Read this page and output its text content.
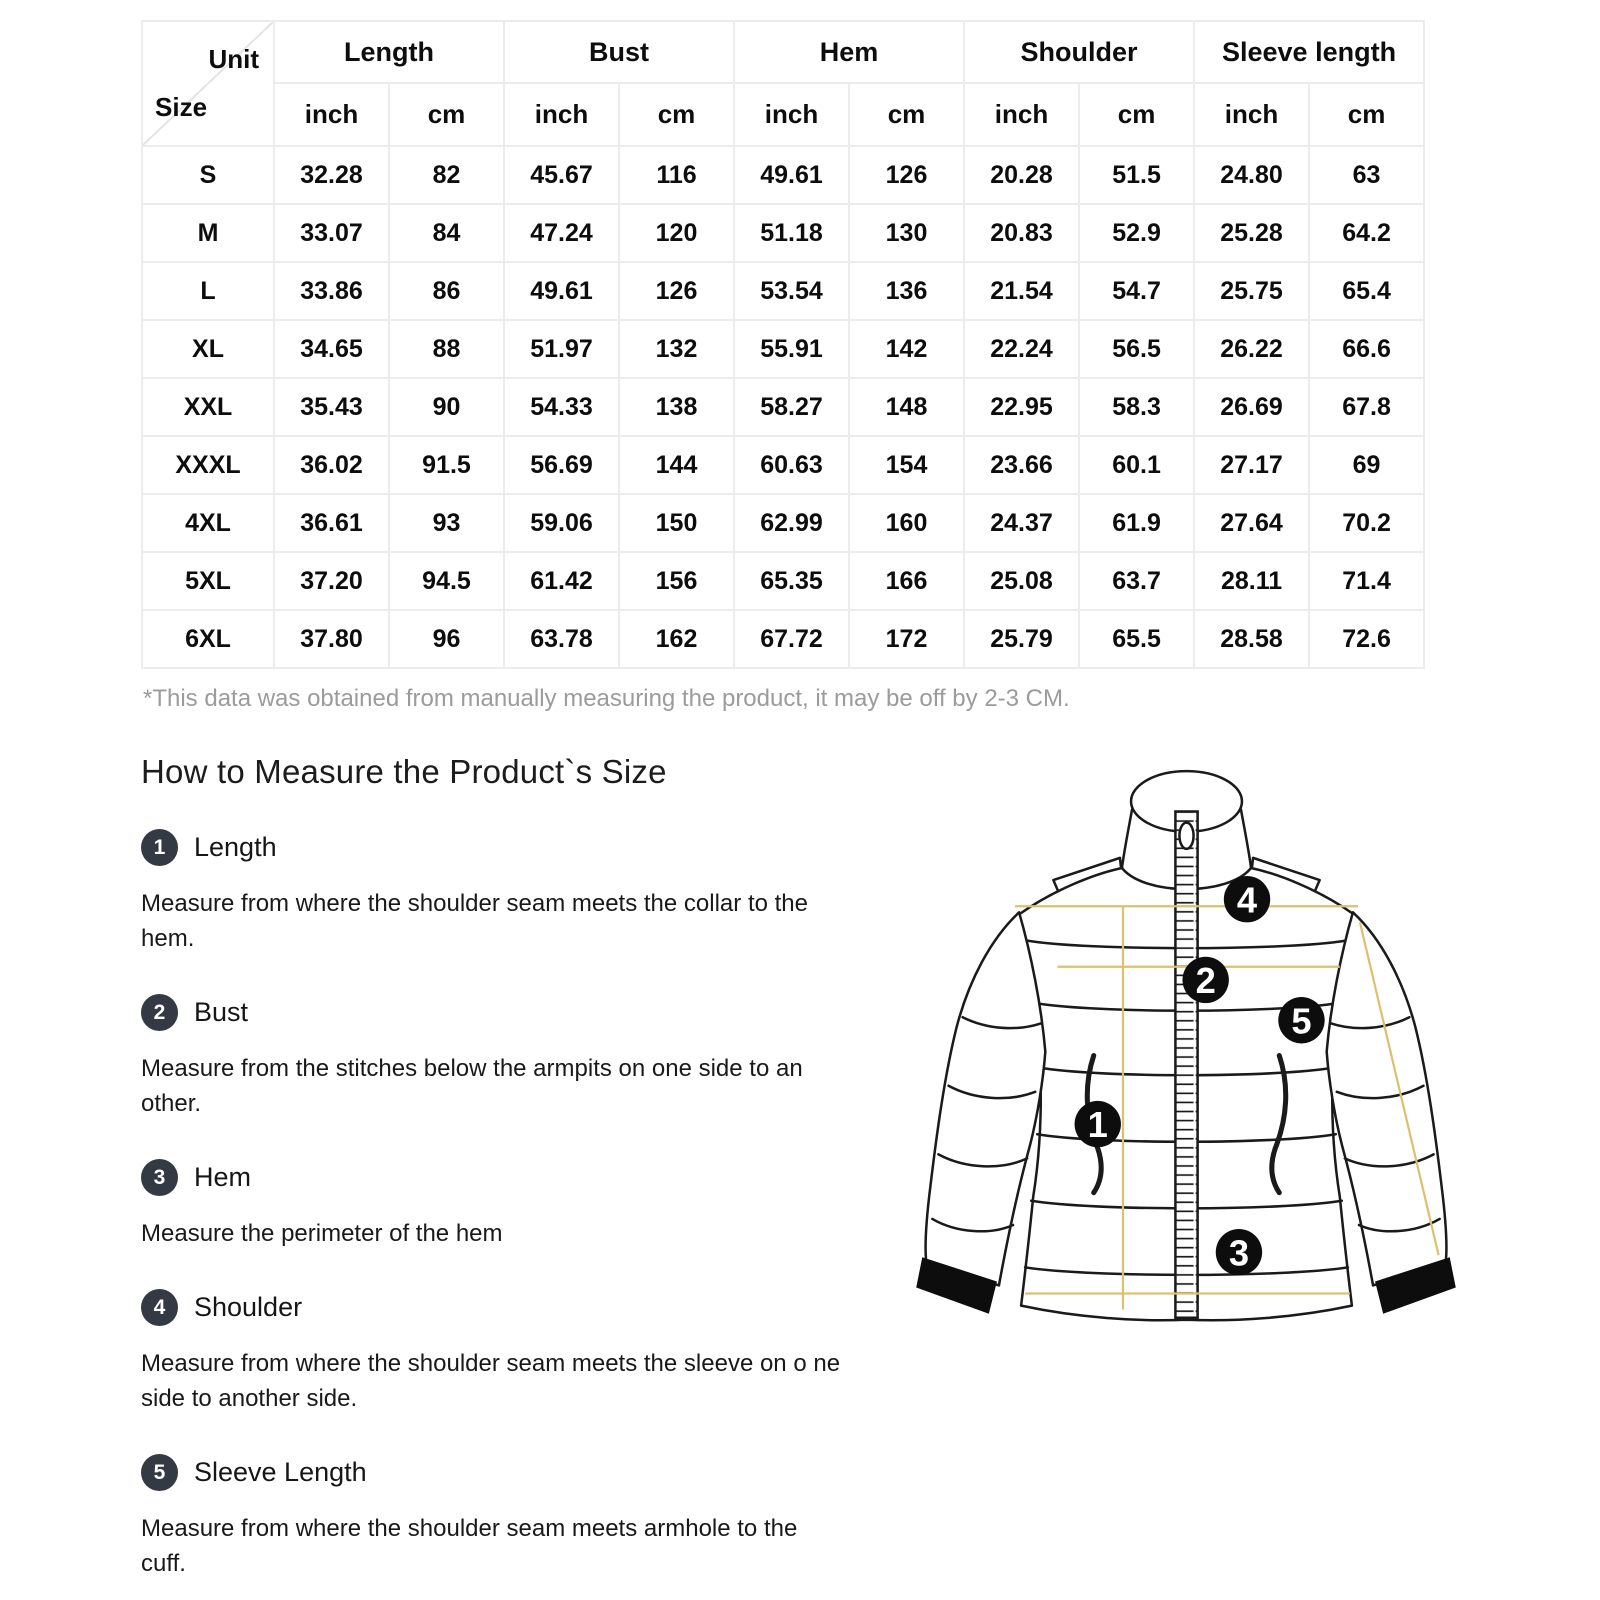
Unit
Size	Length		Bust		Hem		Shoulder		Sleeve length	
	inch	cm	inch	cm	inch	cm	inch	cm	inch	cm
S	32.28	82	45.67	116	49.61	126	20.28	51.5	24.80	63
M	33.07	84	47.24	120	51.18	130	20.83	52.9	25.28	64.2
L	33.86	86	49.61	126	53.54	136	21.54	54.7	25.75	65.4
XL	34.65	88	51.97	132	55.91	142	22.24	56.5	26.22	66.6
XXL	35.43	90	54.33	138	58.27	148	22.95	58.3	26.69	67.8
XXXL	36.02	91.5	56.69	144	60.63	154	23.66	60.1	27.17	69
4XL	36.61	93	59.06	150	62.99	160	24.37	61.9	27.64	70.2
5XL	37.20	94.5	61.42	156	65.35	166	25.08	63.7	28.11	71.4
6XL	37.80	96	63.78	162	67.72	172	25.79	65.5	28.58	72.6

*This data was obtained from manually measuring the product, it may be off by 2-3 CM.

How to Measure the Product`s Size
1 Length

Measure from where the shoulder seam meets the collar to the hem.

2 Bust

Measure from the stitches below the armpits on one side to an other.

3 Hem

Measure the perimeter of the hem

4 Shoulder

Measure from where the shoulder seam meets the sleeve on o ne side to another side.

5 Sleeve Length

Measure from where the shoulder seam meets armhole to the cuff.

1
2
3
4
5
